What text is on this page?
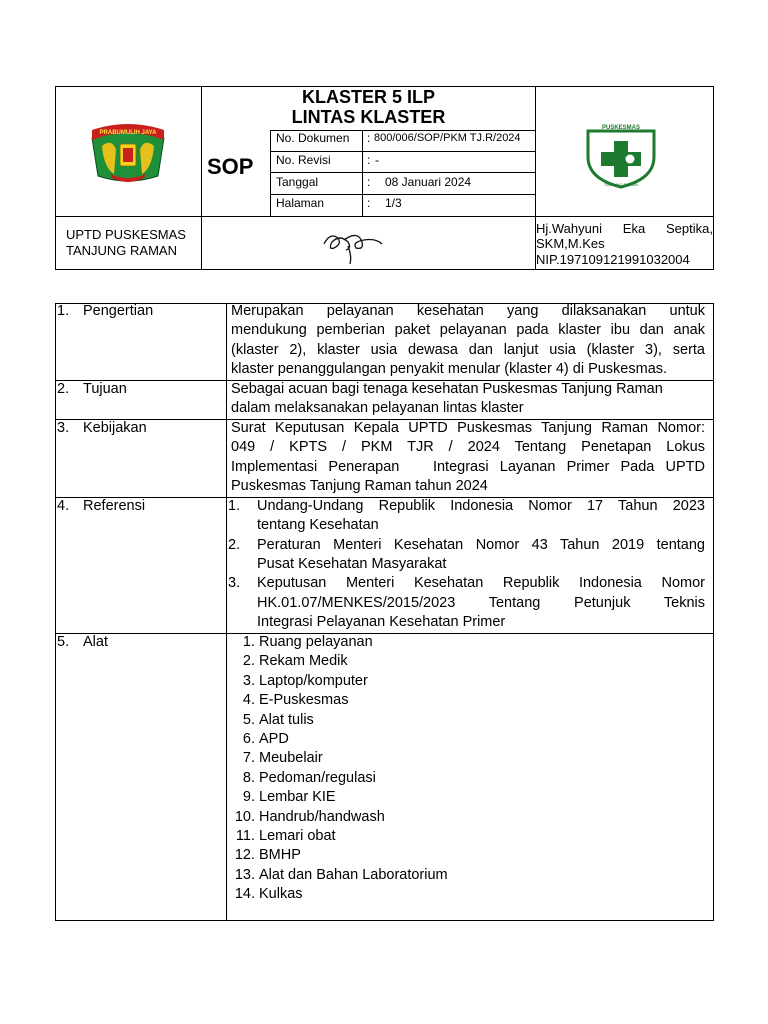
KLASTER 5 ILP
LINTAS KLASTER
SOP
PRABUMULIH JAYA
PUSKESMAS
TANJUNG RAMAN
No. Dokumen : 800/006/SOP/PKM TJ.R/2024
No. Revisi	: -
Tanggal	: 08 Januari 2024
Halaman	: 1/3
UPTD PUSKESMAS
TANJUNG RAMAN
Hj.Wahyuni Eka Septika,
SKM,M.Kes
NIP.197109121991032004
1. Pengertian	Merupakan pelayanan kesehatan yang dilaksanakan untuk
mendukung pemberian paket pelayanan pada klaster ibu dan anak
(klaster 2), klaster usia dewasa dan lanjut usia (klaster 3), serta
klaster penanggulangan penyakit menular (klaster 4) di Puskesmas.
2. Tujuan	Sebagai acuan bagi tenaga kesehatan Puskesmas Tanjung Raman
dalam melaksanakan pelayanan lintas klaster
3. Kebijakan	Surat Keputusan Kepala UPTD Puskesmas Tanjung Raman Nomor:
049 / KPTS / PKM TJR / 2024 Tentang Penetapan Lokus
Implementasi Penerapan   Integrasi Layanan Primer Pada UPTD
Puskesmas Tanjung Raman tahun 2024
4. Referensi	1. Undang-Undang Republik Indonesia Nomor 17 Tahun 2023
tentang Kesehatan
2. Peraturan Menteri Kesehatan Nomor 43 Tahun 2019 tentang
Pusat Kesehatan Masyarakat
3. Keputusan Menteri Kesehatan Republik Indonesia Nomor
HK.01.07/MENKES/2015/2023 Tentang Petunjuk Teknis
Integrasi Pelayanan Kesehatan Primer
5. Alat	1. Ruang pelayanan
2. Rekam Medik
3. Laptop/komputer
4. E-Puskesmas
5. Alat tulis
6. APD
7. Meubelair
8. Pedoman/regulasi
9. Lembar KIE
10. Handrub/handwash
11. Lemari obat
12. BMHP
13. Alat dan Bahan Laboratorium
14. Kulkas
